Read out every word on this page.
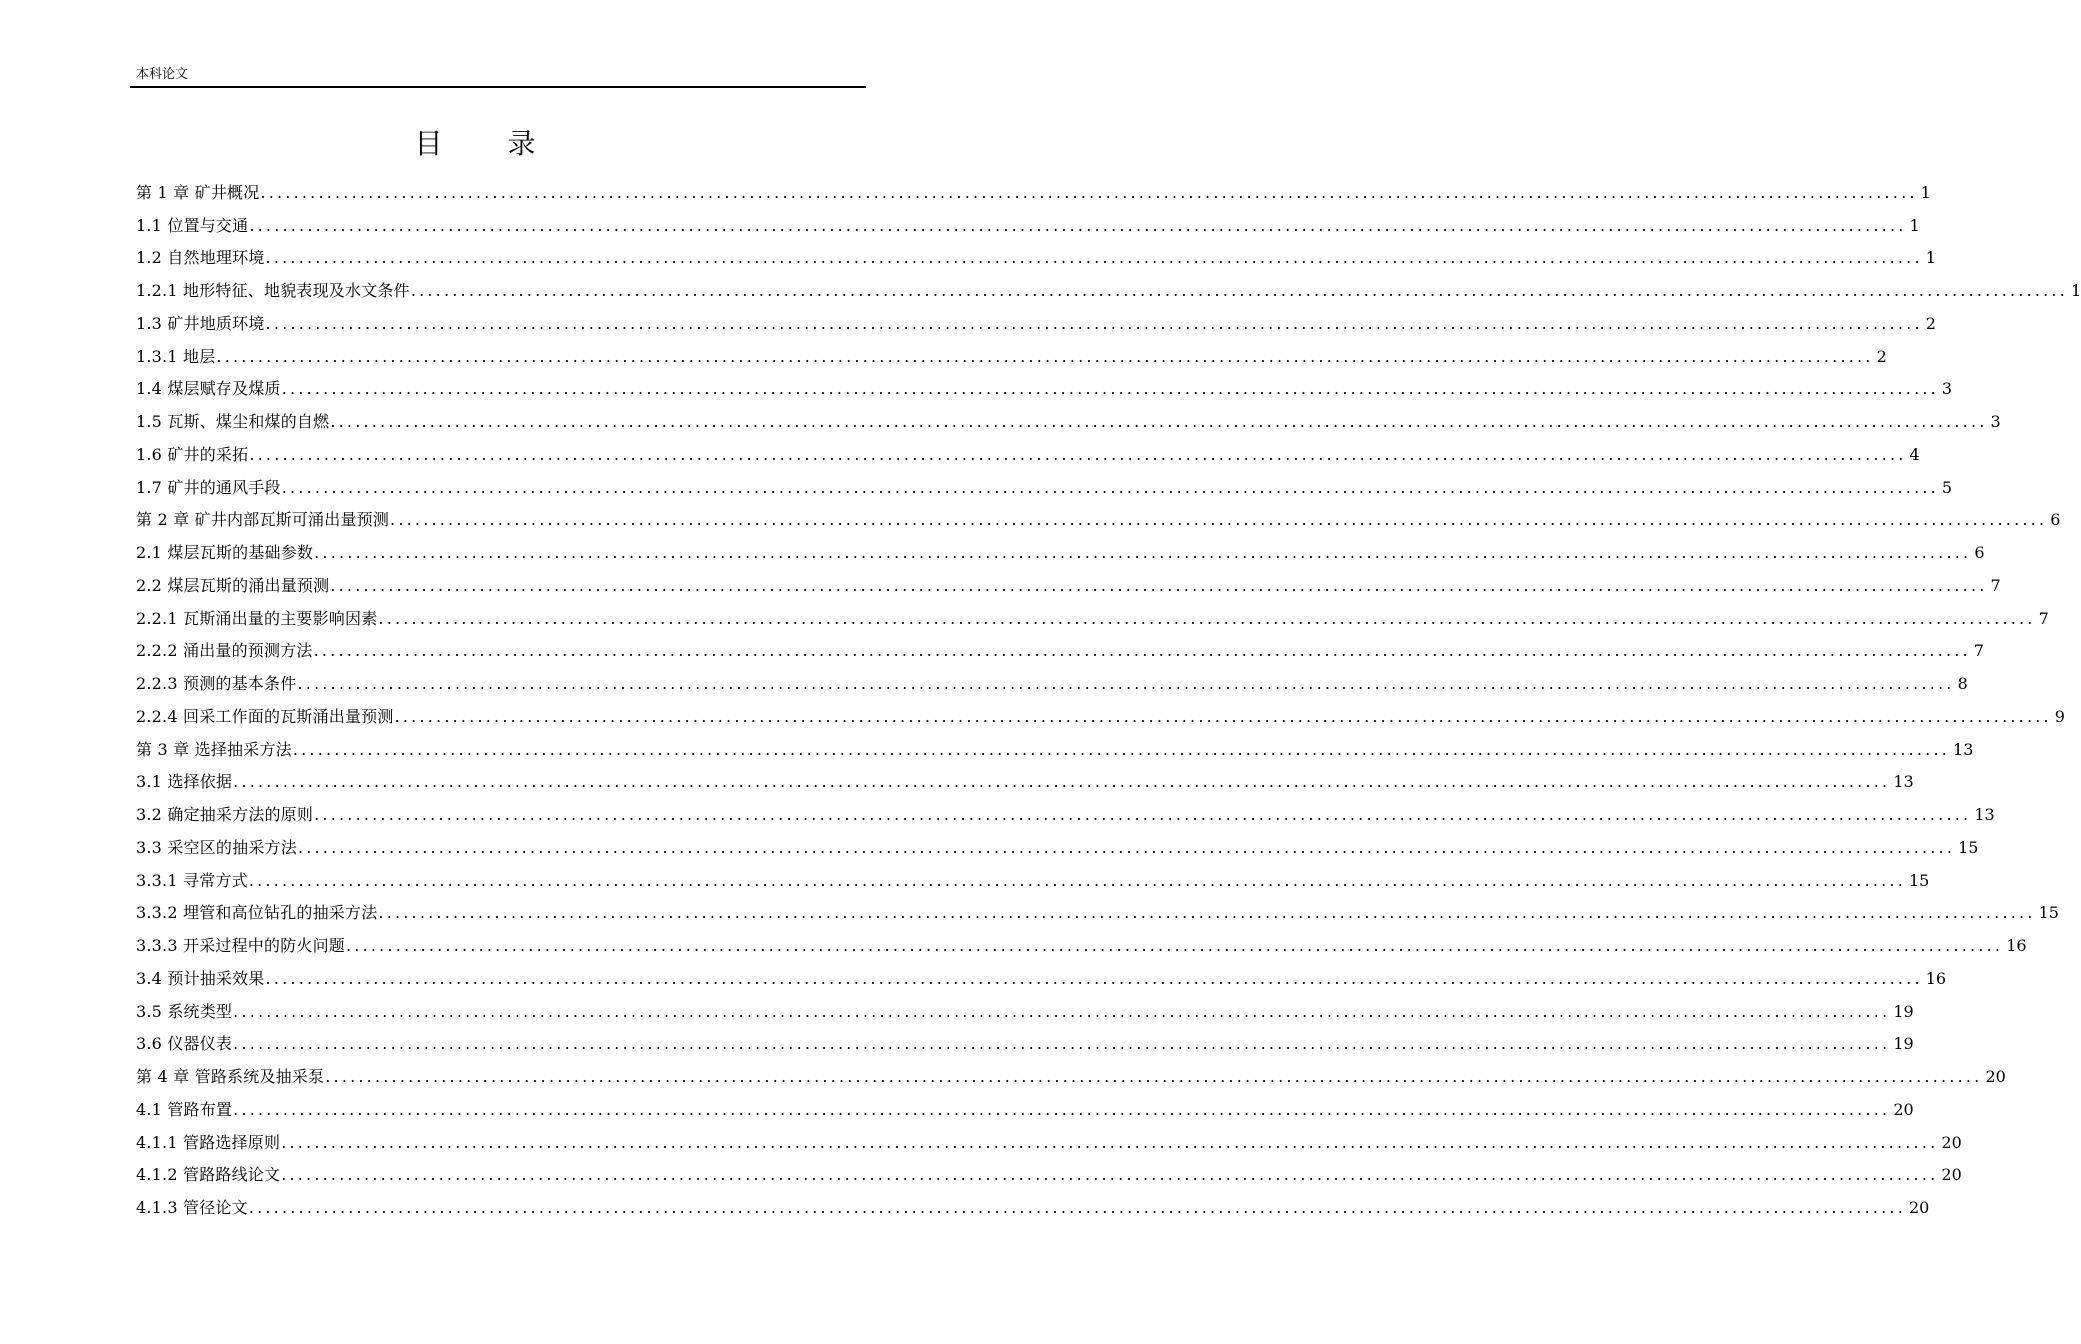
本科论文
目 录
第 1 章 矿井概况 ........................................................................................................................................................................................................ 1
1.1 位置与交通 ........................................................................................................................................................................................................ 1
1.2 自然地理环境 ........................................................................................................................................................................................................ 1
1.2.1 地形特征、地貌表现及水文条件 ........................................................................................................................................................................................................ 1
1.3 矿井地质环境 ........................................................................................................................................................................................................ 2
1.3.1 地层 ........................................................................................................................................................................................................ 2
1.4 煤层赋存及煤质 ........................................................................................................................................................................................................ 3
1.5 瓦斯、煤尘和煤的自燃 ........................................................................................................................................................................................................ 3
1.6 矿井的采拓 ........................................................................................................................................................................................................ 4
1.7 矿井的通风手段 ........................................................................................................................................................................................................ 5
第 2 章 矿井内部瓦斯可涌出量预测 ........................................................................................................................................................................................................ 6
2.1 煤层瓦斯的基础参数 ........................................................................................................................................................................................................ 6
2.2 煤层瓦斯的涌出量预测 ........................................................................................................................................................................................................ 7
2.2.1 瓦斯涌出量的主要影响因素 ........................................................................................................................................................................................................ 7
2.2.2 涌出量的预测方法 ........................................................................................................................................................................................................ 7
2.2.3 预测的基本条件 ........................................................................................................................................................................................................ 8
2.2.4 回采工作面的瓦斯涌出量预测 ........................................................................................................................................................................................................ 9
第 3 章 选择抽采方法 ........................................................................................................................................................................................................ 13
3.1 选择依据 ........................................................................................................................................................................................................ 13
3.2 确定抽采方法的原则 ........................................................................................................................................................................................................ 13
3.3 采空区的抽采方法 ........................................................................................................................................................................................................ 15
3.3.1 寻常方式 ........................................................................................................................................................................................................ 15
3.3.2 埋管和高位钻孔的抽采方法 ........................................................................................................................................................................................................ 15
3.3.3 开采过程中的防火问题 ........................................................................................................................................................................................................ 16
3.4 预计抽采效果 ........................................................................................................................................................................................................ 16
3.5 系统类型 ........................................................................................................................................................................................................ 19
3.6 仪器仪表 ........................................................................................................................................................................................................ 19
第 4 章 管路系统及抽采泵 ........................................................................................................................................................................................................ 20
4.1 管路布置 ........................................................................................................................................................................................................ 20
4.1.1 管路选择原则 ........................................................................................................................................................................................................ 20
4.1.2 管路路线论文 ........................................................................................................................................................................................................ 20
4.1.3 管径论文 ........................................................................................................................................................................................................ 20
